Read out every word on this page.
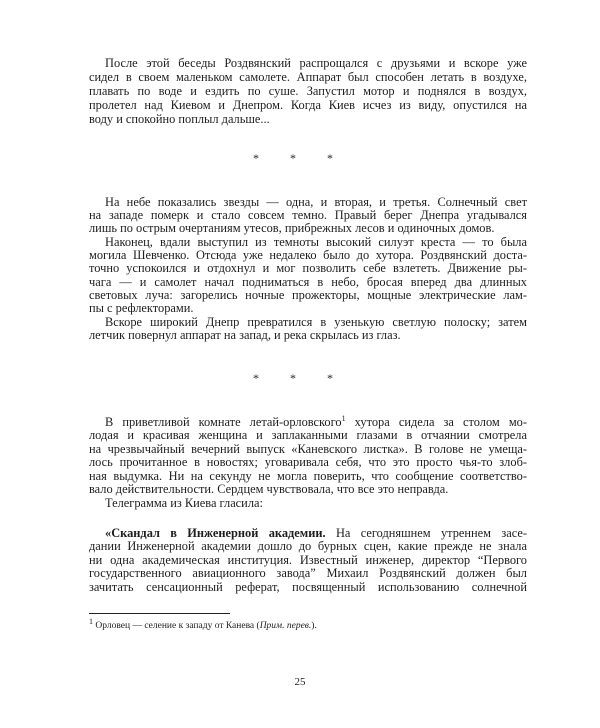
После этой беседы Роздвянский распрощался с друзьями и вскоре уже
сидел в своем маленьком самолете. Аппарат был способен летать в воздухе,
плавать по воде и ездить по суше. Запустил мотор и поднялся в воздух,
пролетел над Киевом и Днепром. Когда Киев исчез из виду, опустился на
воду и спокойно поплыл дальше...
На небе показались звезды — одна, и вторая, и третья. Солнечный свет
на западе померк и стало совсем темно. Правый берег Днепра угадывался
лишь по острым очертаниям утесов, прибрежных лесов и одиночных домов.
Наконец, вдали выступил из темноты высокий силуэт креста — то была
могила Шевченко. Отсюда уже недалеко было до хутора. Роздвянский доста-
точно успокоился и отдохнул и мог позволить себе взлететь. Движение ры-
чага — и самолет начал подниматься в небо, бросая вперед два длинных
световых луча: загорелись ночные прожекторы, мощные электрические лам-
пы с рефлекторами.
Вскоре широкий Днепр превратился в узенькую светлую полоску; затем
летчик повернул аппарат на запад, и река скрылась из глаз.
В приветливой комнате летай-орловского$^1$ хутора сидела за столом мо-
лодая и красивая женщина и заплаканными глазами в отчаянии смотрела
на чрезвычайный вечерний выпуск «Каневского листка». В голове не умеща-
лось прочитанное в новостях; уговаривала себя, что это просто чья-то злоб-
ная выдумка. Ни на секунду не могла поверить, что сообщение соответство-
вало действительности. Сердцем чувствовала, что все это неправда.
Телеграмма из Киева гласила:
«Скандал в Инженерной академии. На сегодняшнем утреннем засе-
дании Инженерной академии дошло до бурных сцен, какие прежде не знала
ни одна академическая институция. Известный инженер, директор “Первого
государственного авиационного завода” Михаил Роздвянский должен был
зачитать сенсационный реферат, посвященный использованию солнечной
* * *
* * *
$^1$ Орловец — селение к западу от Канева (Прим. перев.).
25
